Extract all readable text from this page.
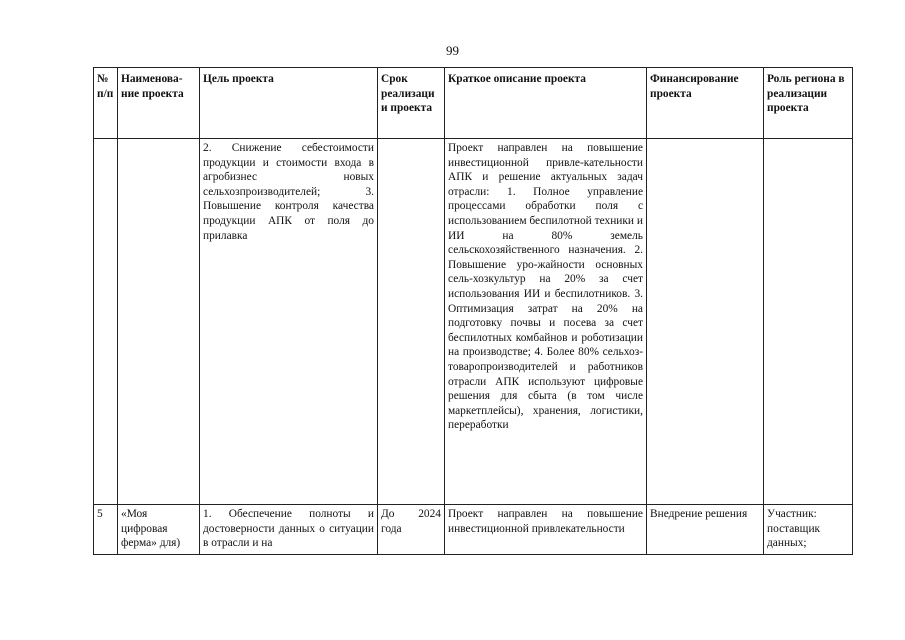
99
№ п/п	Наименова-ние проекта	Цель проекта	Срок реализации проекта	Краткое описание проекта	Финансирование проекта	Роль региона в реализации проекта
		2. Снижение себестоимости продукции и стоимости входа в агробизнес новых сельхозпроизводителей; 3. Повышение контроля качества продукции АПК от поля до прилавка		Проект направлен на повышение инвестиционной привле-кательности АПК и решение актуальных задач отрасли: 1. Полное управление процессами обработки поля с использованием беспилотной техники и ИИ на 80% земель сельскохозяйственного назначения. 2. Повышение уро-жайности основных сель-хозкультур на 20% за счет использования ИИ и беспилотников. 3. Оптимизация затрат на 20% на подготовку почвы и посева за счет беспилотных комбайнов и роботизации на производстве; 4. Более 80% сельхоз-товаропроизводителей и работников отрасли АПК используют цифровые решения для сбыта (в том числе маркетплейсы), хранения, логистики, переработки		
5	«Моя цифровая ферма» для)	1. Обеспечение полноты и достоверности данных о ситуации в отрасли и на	До 2024 года	Проект направлен на повышение инвестиционной привлекательности	Внедрение решения	Участник: поставщик данных;
